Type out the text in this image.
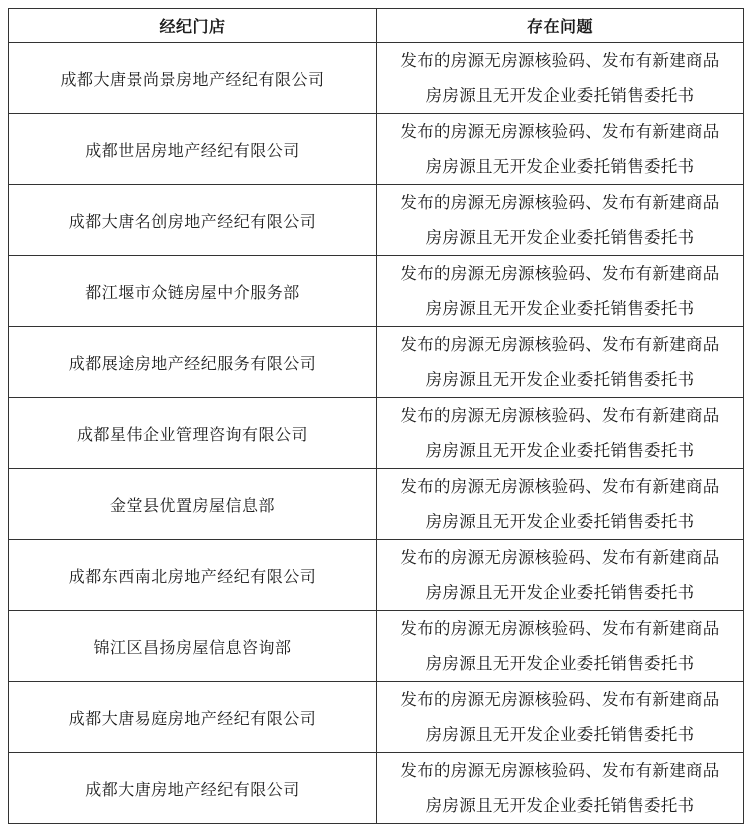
经纪门店	存在问题
成都大唐景尚景房地产经纪有限公司	发布的房源无房源核验码、发布有新建商品
房房源且无开发企业委托销售委托书

成都世居房地产经纪有限公司	发布的房源无房源核验码、发布有新建商品
房房源且无开发企业委托销售委托书

成都大唐名创房地产经纪有限公司	发布的房源无房源核验码、发布有新建商品
房房源且无开发企业委托销售委托书

都江堰市众链房屋中介服务部	发布的房源无房源核验码、发布有新建商品
房房源且无开发企业委托销售委托书

成都展途房地产经纪服务有限公司	发布的房源无房源核验码、发布有新建商品
房房源且无开发企业委托销售委托书

成都星伟企业管理咨询有限公司	发布的房源无房源核验码、发布有新建商品
房房源且无开发企业委托销售委托书

金堂县优置房屋信息部	发布的房源无房源核验码、发布有新建商品
房房源且无开发企业委托销售委托书

成都东西南北房地产经纪有限公司	发布的房源无房源核验码、发布有新建商品
房房源且无开发企业委托销售委托书

锦江区昌扬房屋信息咨询部	发布的房源无房源核验码、发布有新建商品
房房源且无开发企业委托销售委托书

成都大唐易庭房地产经纪有限公司	发布的房源无房源核验码、发布有新建商品
房房源且无开发企业委托销售委托书

成都大唐房地产经纪有限公司	发布的房源无房源核验码、发布有新建商品
房房源且无开发企业委托销售委托书
